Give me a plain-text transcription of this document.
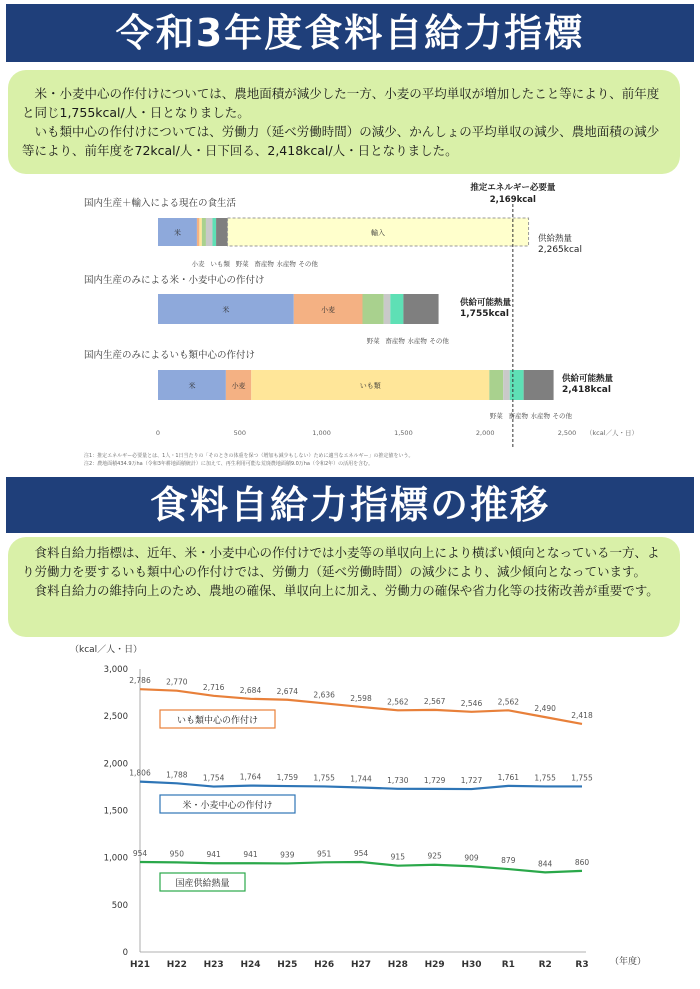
令和3年度食料自給力指標

米・小麦中心の作付けについては、農地面積が減少した一方、小麦の平均単収が増加したこと等により、前年度と同じ1,755kcal/人・日となりました。

いも類中心の作付けについては、労働力（延べ労働時間）の減少、かんしょの平均単収の減少、農地面積の減少等により、前年度を72kcal/人・日下回る、2,418kcal/人・日となりました。

国内生産＋輸入による現在の食生活
米	輸入
小麦 いも類 野菜 畜産物 水産物 その他
供給熱量
2,265kcal
国内生産のみによる米・小麦中心の作付け
米	小麦
野菜 畜産物 水産物 その他
供給可能熱量
1,755kcal
国内生産のみによるいも類中心の作付け
米	小麦	いも類
野菜 畜産物 水産物 その他
供給可能熱量
2,418kcal
推定エネルギー必要量
2,169kcal
0	500	1,000	1,500	2,000	2,500 （kcal／人・日）
注1：推定エネルギー必要量とは、1人・1日当たりの「そのときの体重を保つ（増加も減少もしない）ために適当なエネルギー」の推定値をいう。
注2：農地面積434.9万ha（令和3年耕地面積統計）に加えて、再生利用可能な荒廃農地面積9.0万ha（令和2年）の活用を含む。
食料自給力指標の推移

食料自給力指標は、近年、米・小麦中心の作付けでは小麦等の単収向上により横ばい傾向となっている一方、より労働力を要するいも類中心の作付けでは、労働力（延べ労働時間）の減少により、減少傾向となっています。

食料自給力の維持向上のため、農地の確保、単収向上に加え、労働力の確保や省力化等の技術改善が重要です。

（kcal／人・日）
0
500
1,000
1,500
2,000
2,500
3,000
H21 H22 H23 H24 H25 H26 H27 H28 H29 H30 R1	R2	R3 （年度）
2,786 2,770
2,716 2,684 2,674 2,636 2,598 2,562 2,567 2,546 2,562
2,490
2,418
いも類中心の作付け
1,806 1,788 1,754 1,764 1,759 1,755 1,744 1,730 1,729 1,727 1,761 1,755 1,755
米・小麦中心の作付け
954	950	941	941	939	951	954	915	925	909	879	844	860
国産供給熱量
